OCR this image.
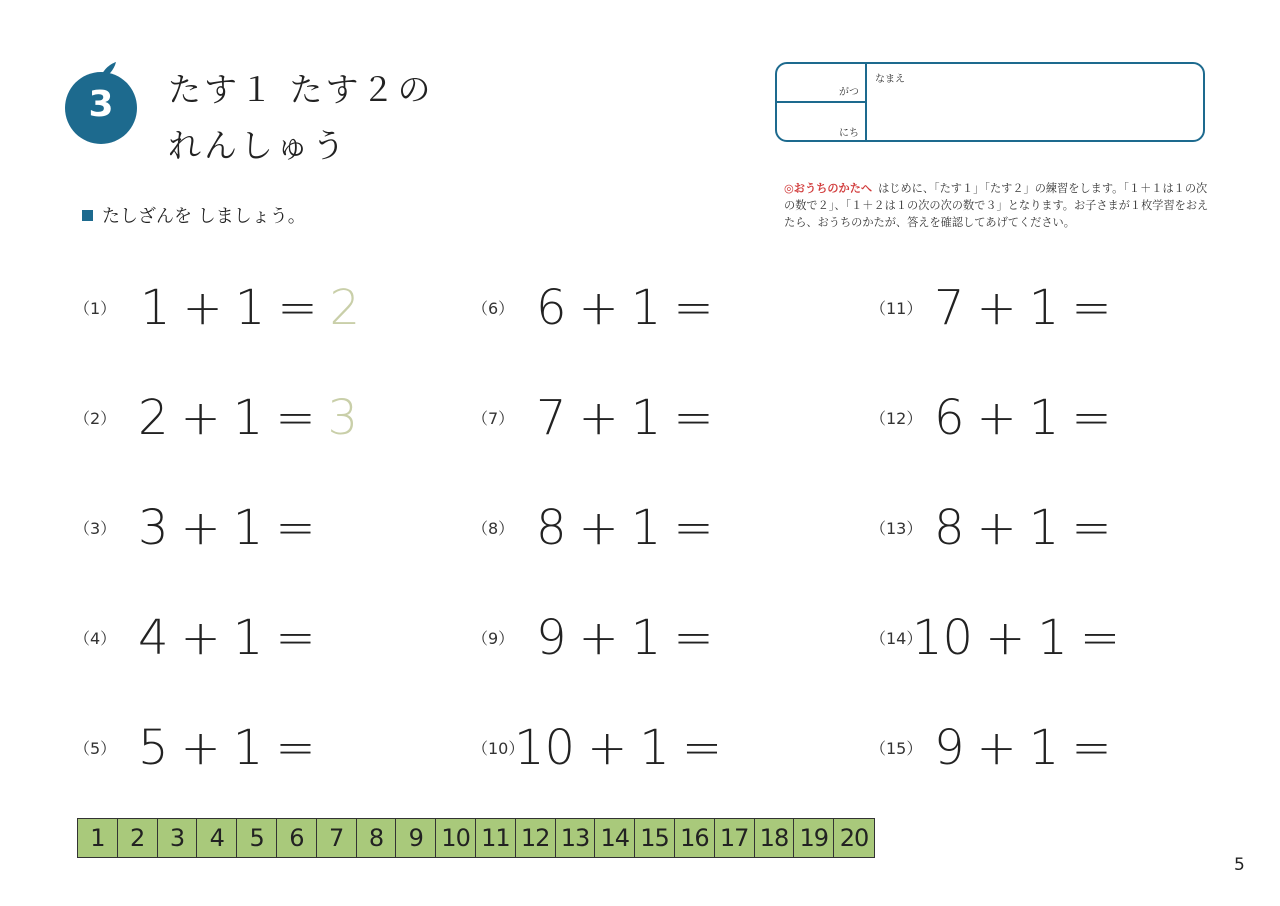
3	たす１ たす２の
れんしゅう
がつ
にち
なまえ
◎おうちのかたへ はじめに、「たす１」「たす２」の練習をします。「１＋１は１の次の数で２」、「１＋２は１の次の次の数で３」となります。お子さまが１枚学習をおえたら、おうちのかたが、答えを確認してあげてください。
たしざんを しましょう。
（1） 1 + 1 = 2
（2） 2 + 1 = 3
（3） 3 + 1 =
（4） 4 + 1 =
（5） 5 + 1 =
（6） 6 + 1 =
（7） 7 + 1 =
（8） 8 + 1 =
（9） 9 + 1 =
（10）
10 + 1 =
（11） 7 + 1 =
（12） 6 + 1 =
（13） 8 + 1 =
（14）
10 + 1 =
（15） 9 + 1 =
1	2	3	4	5	6	7	8	9 10 11 12 13 14 15 16 17 18 19 20
5
